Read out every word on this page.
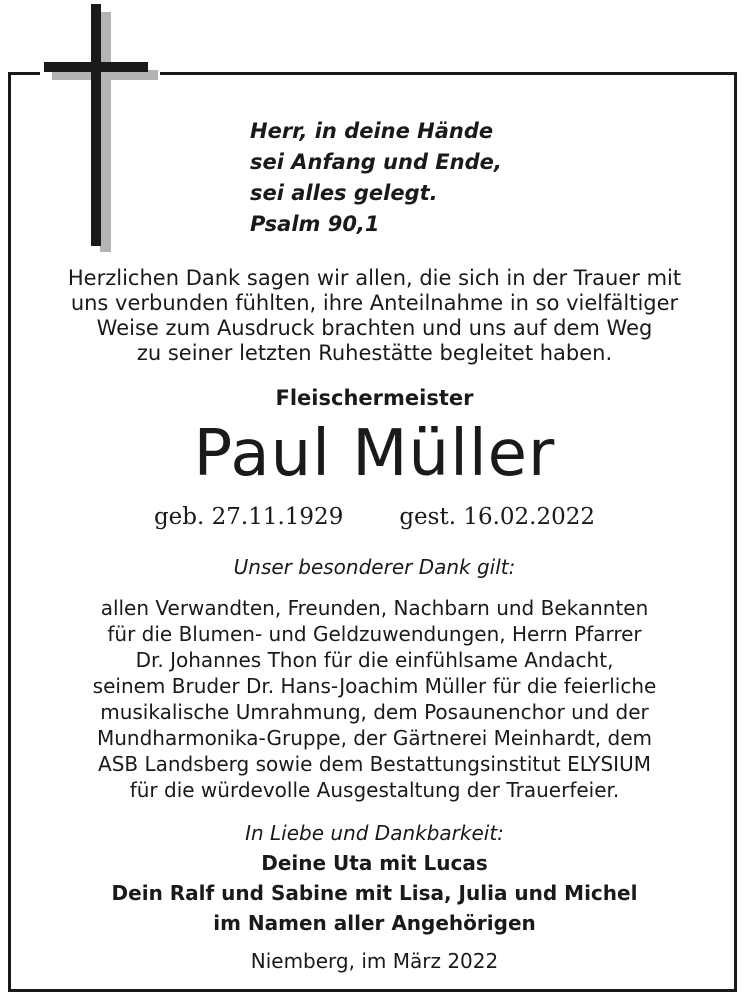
Herr, in deine Hände
sei Anfang und Ende,
sei alles gelegt.
Psalm 90,1
Herzlichen Dank sagen wir allen, die sich in der Trauer mit
uns verbunden fühlten, ihre Anteilnahme in so vielfältiger
Weise zum Ausdruck brachten und uns auf dem Weg
zu seiner letzten Ruhestätte begleitet haben.
Fleischermeister
Paul Müller
geb. 27.11.1929 gest. 16.02.2022
Unser besonderer Dank gilt:
allen Verwandten, Freunden, Nachbarn und Bekannten
für die Blumen- und Geldzuwendungen, Herrn Pfarrer
Dr. Johannes Thon für die einfühlsame Andacht,
seinem Bruder Dr. Hans-Joachim Müller für die feierliche
musikalische Umrahmung, dem Posaunenchor und der
Mundharmonika-Gruppe, der Gärtnerei Meinhardt, dem
ASB Landsberg sowie dem Bestattungsinstitut ELYSIUM
für die würdevolle Ausgestaltung der Trauerfeier.
In Liebe und Dankbarkeit:
Deine Uta mit Lucas
Dein Ralf und Sabine mit Lisa, Julia und Michel
im Namen aller Angehörigen
Niemberg, im März 2022
